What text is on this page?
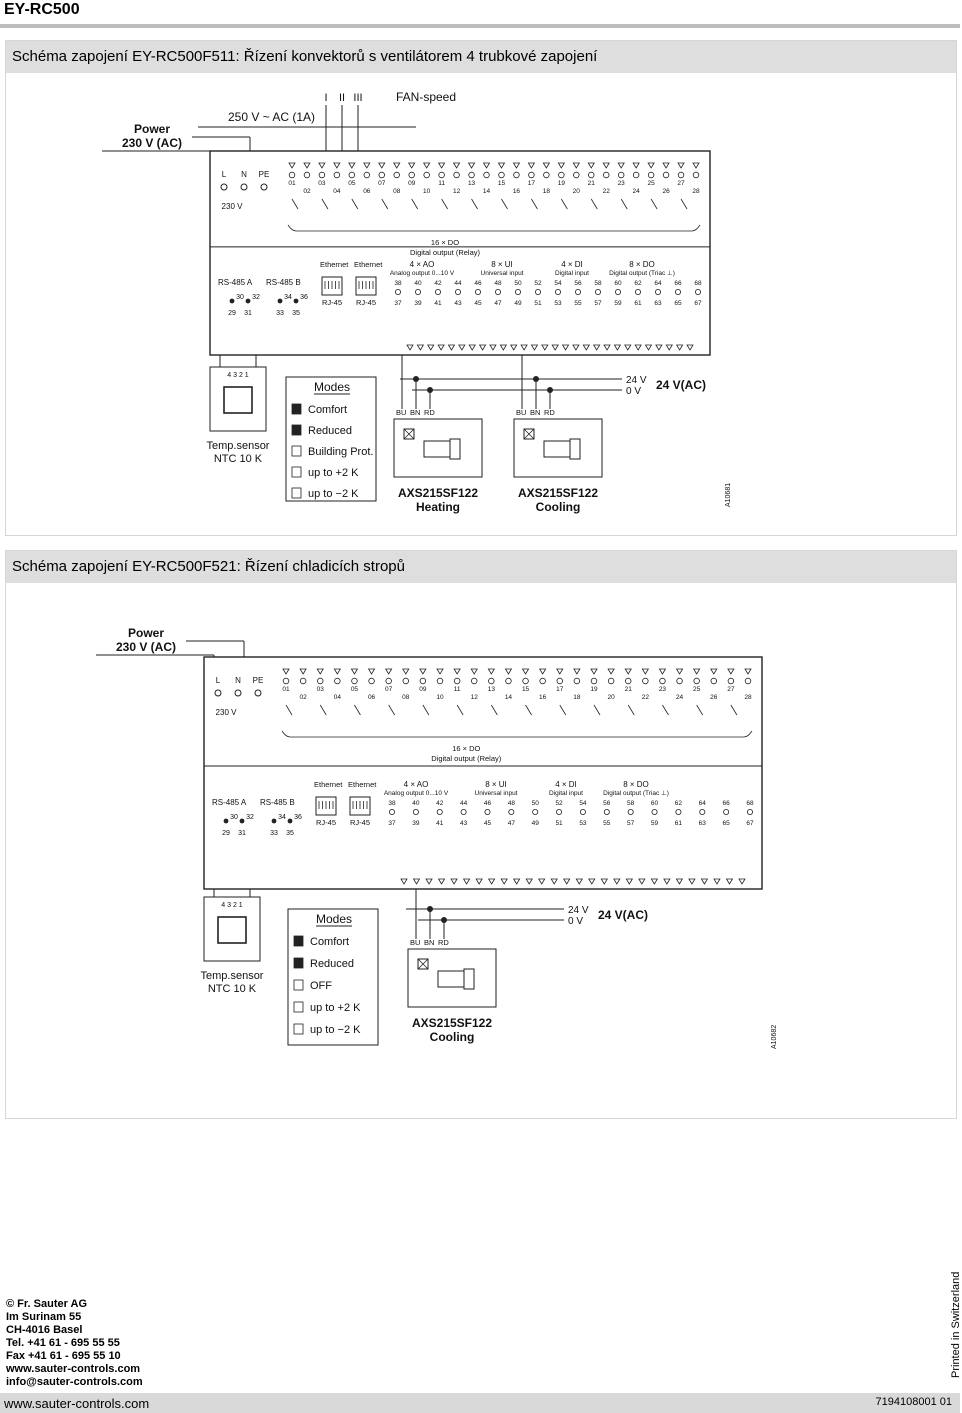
EY-RC500
Schéma zapojení EY-RC500F511: Řízení konvektorů s ventilátorem 4 trubkové zapojení
Power
230 V (AC)
250 V ~ AC (1A)
FAN-speed
I II III
L N PE
230 V
01
02
03
04
05
06
07
08
09
10
11
12
13
14
15
16
17
18
19
20
21
22
23
24
25
26
27
28
16 × DO
Digital output (Relay)
RS-485 A RS-485 B
29 31	33 35
30 32	34 36
Ethernet
RJ-45
Ethernet
RJ-45
4 × AO
Analog output 0...10 V
8 × UI
Universal input
4 × DI
Digital input
8 × DO
Digital output (Triac ⊥)
38
37
40
39
42
41
44
43
46
45
48
47
50
49
52
51
54
53
56
55
58
57
60
59
62
61
64
63
66
65
68
67
4 3 2 1
Temp.sensor
NTC 10 K
Modes
Comfort
Reduced
Building Prot.
up to +2 K
up to −2 K
24 V
0 V 24 V(AC)
BU BN RD
AXS215SF122
Heating
BU BN RD
AXS215SF122
Cooling	A10681
Schéma zapojení EY-RC500F521: Řízení chladicích stropů
Power
230 V (AC)
L N PE
230 V
01
02
03
04
05
06
07
08
09
10
11
12
13
14
15
16
17
18
19
20
21
22
23
24
25
26
27
28
16 × DO
Digital output (Relay)
RS-485 A RS-485 B
29 31	33 35
30 32	34 36
Ethernet
RJ-45
Ethernet
RJ-45
4 × AO
Analog output 0...10 V
8 × UI
Universal input
4 × DI
Digital input
8 × DO
Digital output (Triac ⊥)
38
37
40
39
42
41
44
43
46
45
48
47
50
49
52
51
54
53
56
55
58
57
60
59
62
61
64
63
66
65
68
67
4 3 2 1
Temp.sensor
NTC 10 K
Modes
Comfort
Reduced
OFF
up to +2 K
up to −2 K
24 V
0 V 24 V(AC)
BU BN RD
AXS215SF122
Cooling	A10682
© Fr. Sauter AG
Im Surinam 55
CH-4016 Basel
Tel. +41 61 - 695 55 55
Fax +41 61 - 695 55 10
www.sauter-controls.com
info@sauter-controls.com
Printed in Switzerland
www.sauter-controls.com	7194108001 01
